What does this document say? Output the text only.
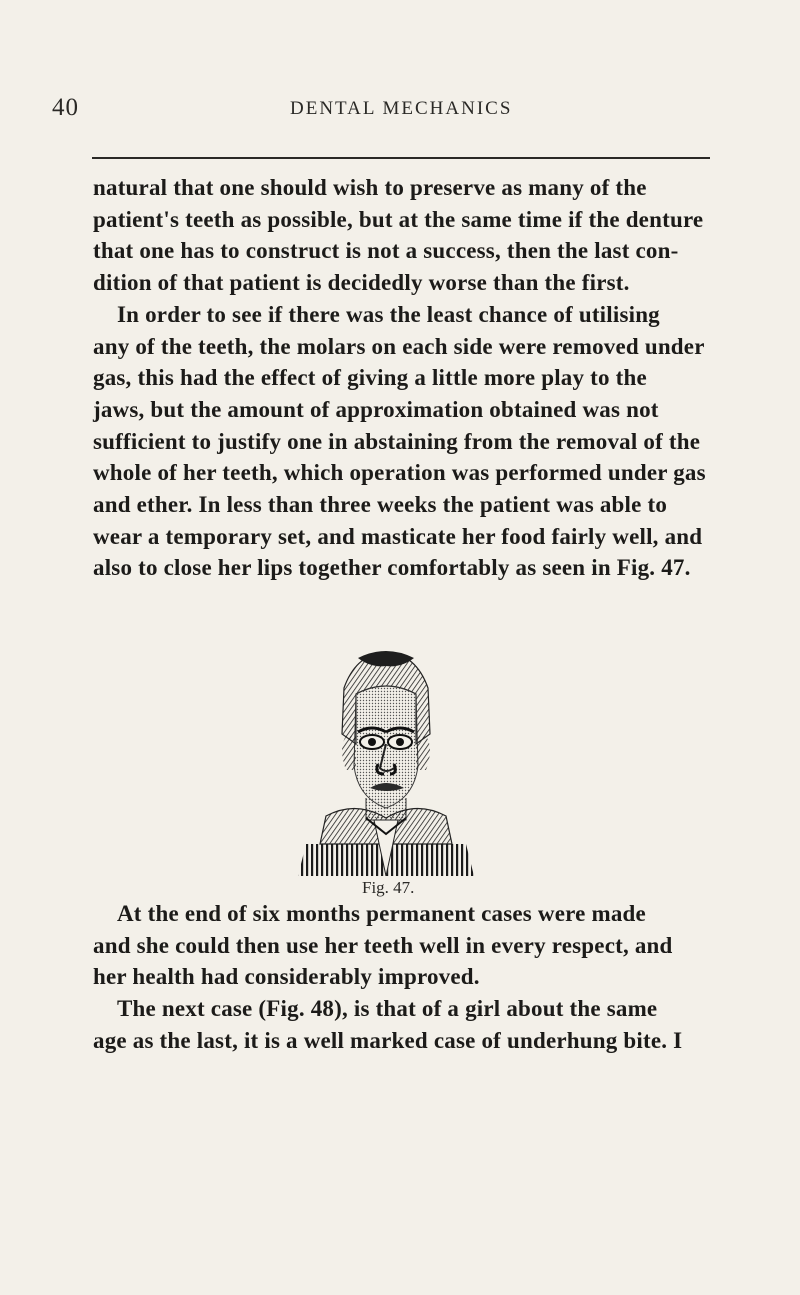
40	DENTAL MECHANICS

natural that one should wish to preserve as many of the
patient's teeth as possible, but at the same time if the denture
that one has to construct is not a success, then the last con-
dition of that patient is decidedly worse than the first.
In order to see if there was the least chance of utilising
any of the teeth, the molars on each side were removed under
gas, this had the effect of giving a little more play to the
jaws, but the amount of approximation obtained was not
sufficient to justify one in abstaining from the removal of the
whole of her teeth, which operation was performed under gas
and ether. In less than three weeks the patient was able to
wear a temporary set, and masticate her food fairly well, and
also to close her lips together comfortably as seen in Fig. 47.

Fig. 47.

At the end of six months permanent cases were made
and she could then use her teeth well in every respect, and
her health had considerably improved.
The next case (Fig. 48), is that of a girl about the same
age as the last, it is a well marked case of underhung bite. I
